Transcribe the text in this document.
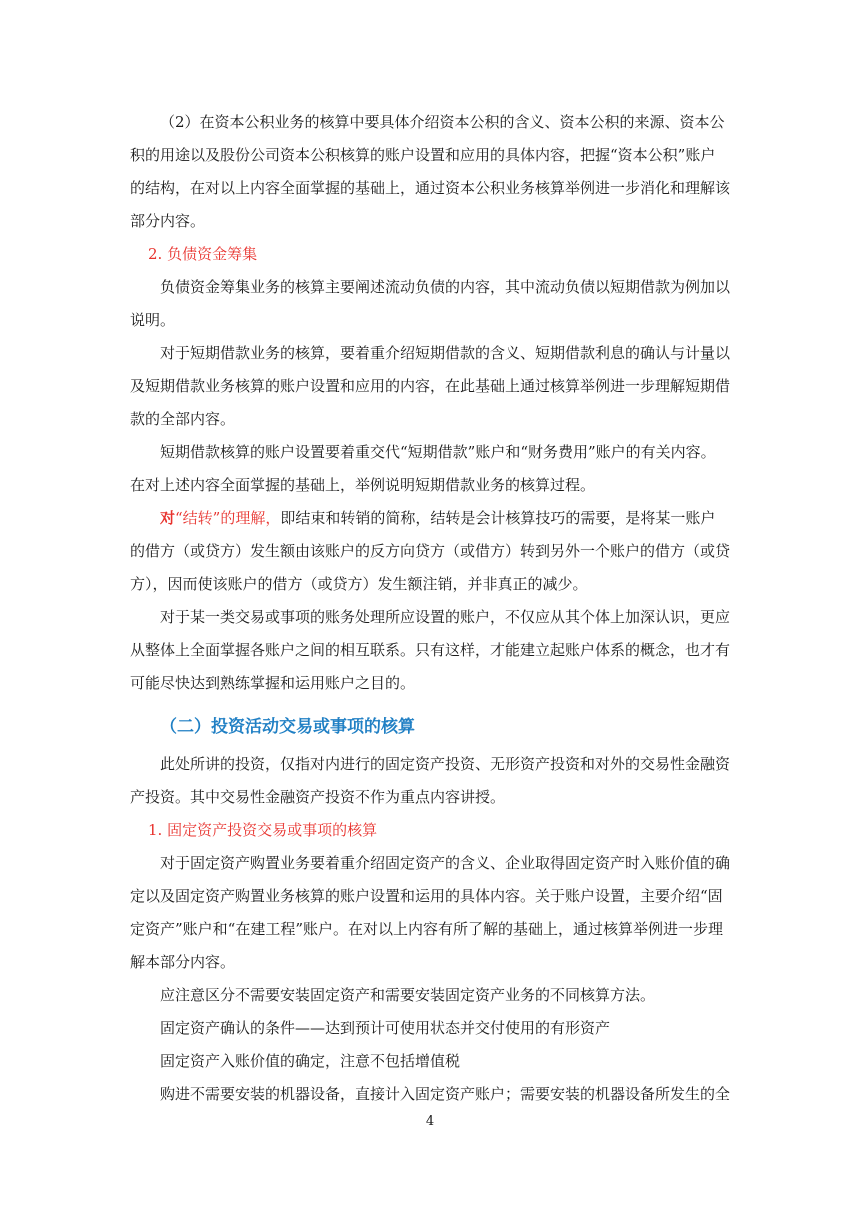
（2）在资本公积业务的核算中要具体介绍资本公积的含义、资本公积的来源、资本公积的用途以及股份公司资本公积核算的账户设置和应用的具体内容，把握“资本公积”账户的结构，在对以上内容全面掌握的基础上，通过资本公积业务核算举例进一步消化和理解该部分内容。

2. 负债资金筹集

负债资金筹集业务的核算主要阐述流动负债的内容，其中流动负债以短期借款为例加以说明。

对于短期借款业务的核算，要着重介绍短期借款的含义、短期借款利息的确认与计量以及短期借款业务核算的账户设置和应用的内容，在此基础上通过核算举例进一步理解短期借款的全部内容。

短期借款核算的账户设置要着重交代“短期借款”账户和“财务费用”账户的有关内容。在对上述内容全面掌握的基础上，举例说明短期借款业务的核算过程。

对“结转”的理解，即结束和转销的简称，结转是会计核算技巧的需要，是将某一账户的借方（或贷方）发生额由该账户的反方向贷方（或借方）转到另外一个账户的借方（或贷方），因而使该账户的借方（或贷方）发生额注销，并非真正的减少。

对于某一类交易或事项的账务处理所应设置的账户，不仅应从其个体上加深认识，更应从整体上全面掌握各账户之间的相互联系。只有这样，才能建立起账户体系的概念，也才有可能尽快达到熟练掌握和运用账户之目的。

（二）投资活动交易或事项的核算

此处所讲的投资，仅指对内进行的固定资产投资、无形资产投资和对外的交易性金融资产投资。其中交易性金融资产投资不作为重点内容讲授。

1. 固定资产投资交易或事项的核算

对于固定资产购置业务要着重介绍固定资产的含义、企业取得固定资产时入账价值的确定以及固定资产购置业务核算的账户设置和运用的具体内容。关于账户设置，主要介绍“固定资产”账户和“在建工程”账户。在对以上内容有所了解的基础上，通过核算举例进一步理解本部分内容。

应注意区分不需要安装固定资产和需要安装固定资产业务的不同核算方法。

固定资产确认的条件——达到预计可使用状态并交付使用的有形资产

固定资产入账价值的确定，注意不包括增值税

购进不需要安装的机器设备，直接计入固定资产账户；需要安装的机器设备所发生的全

4
